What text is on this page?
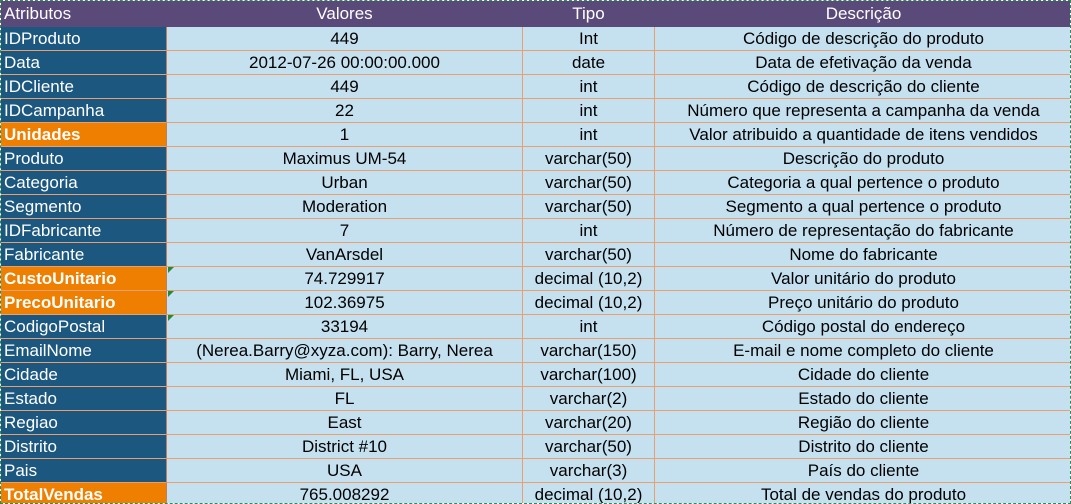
Atributos	Valores	Tipo	Descrição
IDProduto	449	Int	Código de descrição do produto
Data	2012-07-26 00:00:00.000	date	Data de efetivação da venda
IDCliente	449	int	Código de descrição do cliente
IDCampanha	22	int	Número que representa a campanha da venda
Unidades	1	int	Valor atribuido a quantidade de itens vendidos
Produto	Maximus UM-54	varchar(50)	Descrição do produto
Categoria	Urban	varchar(50)	Categoria a qual pertence o produto
Segmento	Moderation	varchar(50)	Segmento a qual pertence o produto
IDFabricante	7	int	Número de representação do fabricante
Fabricante	VanArsdel	varchar(50)	Nome do fabricante
CustoUnitario	74.729917	decimal (10,2)	Valor unitário do produto
PrecoUnitario	102.36975	decimal (10,2)	Preço unitário do produto
CodigoPostal	33194	int	Código postal do endereço
EmailNome	(Nerea.Barry@xyza.com): Barry, Nerea	varchar(150)	E-mail e nome completo do cliente
Cidade	Miami, FL, USA	varchar(100)	Cidade do cliente
Estado	FL	varchar(2)	Estado do cliente
Regiao	East	varchar(20)	Região do cliente
Distrito	District #10	varchar(50)	Distrito do cliente
Pais	USA	varchar(3)	País do cliente
TotalVendas	765.008292	decimal (10,2)	Total de vendas do produto
